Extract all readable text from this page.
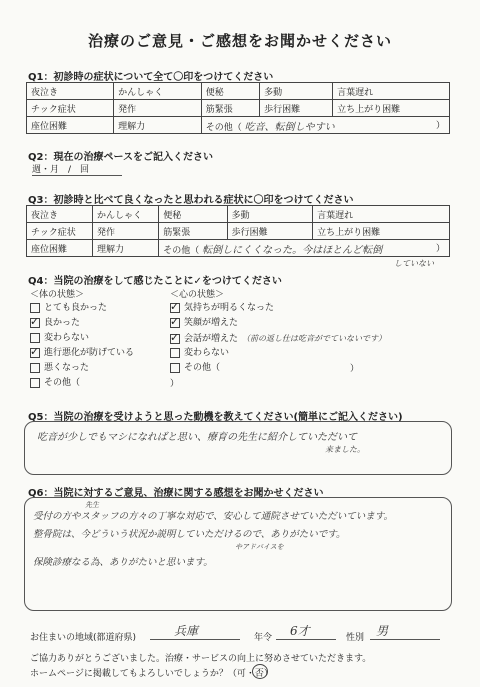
治療のご意見・ご感想をお聞かせください
Q1：初診時の症状について全て〇印をつけてください
夜泣き	かんしゃく	便秘	多動	言葉遅れ
チック症状	発作	筋緊張	歩行困難	立ち上がり困難
座位困難	理解力	その他（ 吃音、転倒しやすい ）		
Q2：現在の治療ペースをご記入ください
週・月　/　回
Q3：初診時と比べて良くなったと思われる症状に〇印をつけてください
夜泣き	かんしゃく	便秘	多動	言葉遅れ
チック症状	発作	筋緊張	歩行困難	立ち上がり困難
座位困難	理解力	その他（ 転倒しにくくなった。今はほとんど転倒 ）		
していない
Q4：当院の治療をして感じたことに✓をつけてください
＜体の状態＞	＜心の状態＞
とても良かった
✓良かった
変わらない
✓進行悪化が防げている
悪くなった
その他（	）
✓気持ちが明るくなった
✓笑顔が増えた
✓会話が増えた （前の返し仕は吃音がでていないです）
変わらない
その他（	）
Q5：当院の治療を受けようと思った動機を教えてください(簡単にご記入ください)
吃音が少しでもマシになればと思い、療育の先生に紹介していただいて
来ました。
Q6：当院に対するご意見、治療に関する感想をお聞かせください
先生
受付の方やスタッフの方々の丁寧な対応で、安心して通院させていただいています。
整骨院は、今どういう状況か説明していただけるので、ありがたいです。
やアドバイスを
保険診療なる為、ありがたいと思います。
お住まいの地域(都道府県)	兵庫	年令	6才	性別 男
ご協力ありがとうございました。治療・サービスの向上に努めさせていただきます。
ホームページに掲載してもよろしいでしょうか？（可・否）
